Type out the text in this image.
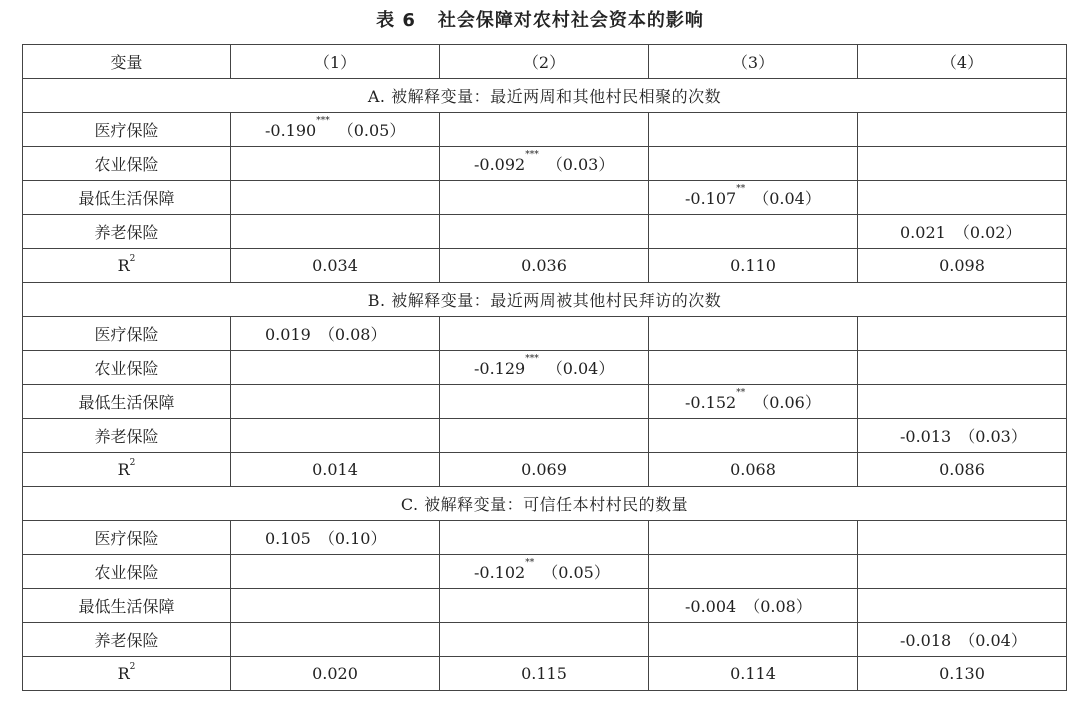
表 6 社会保障对农村社会资本的影响
变量	（1）	（2）	（3）	（4）
A. 被解释变量：最近两周和其他村民相聚的次数				
医疗保险	-0.190*** （0.05）			
农业保险		-0.092*** （0.03）		
最低生活保障			-0.107** （0.04）	
养老保险				0.021 （0.02）
$R^2$	0.034	0.036	0.110	0.098
B. 被解释变量：最近两周被其他村民拜访的次数				
医疗保险	0.019 （0.08）			
农业保险		-0.129*** （0.04）		
最低生活保障			-0.152** （0.06）	
养老保险				-0.013 （0.03）
$R^2$	0.014	0.069	0.068	0.086
C. 被解释变量：可信任本村村民的数量				
医疗保险	0.105 （0.10）			
农业保险		-0.102** （0.05）		
最低生活保障			-0.004 （0.08）	
养老保险				-0.018 （0.04）
$R^2$	0.020	0.115	0.114	0.130
